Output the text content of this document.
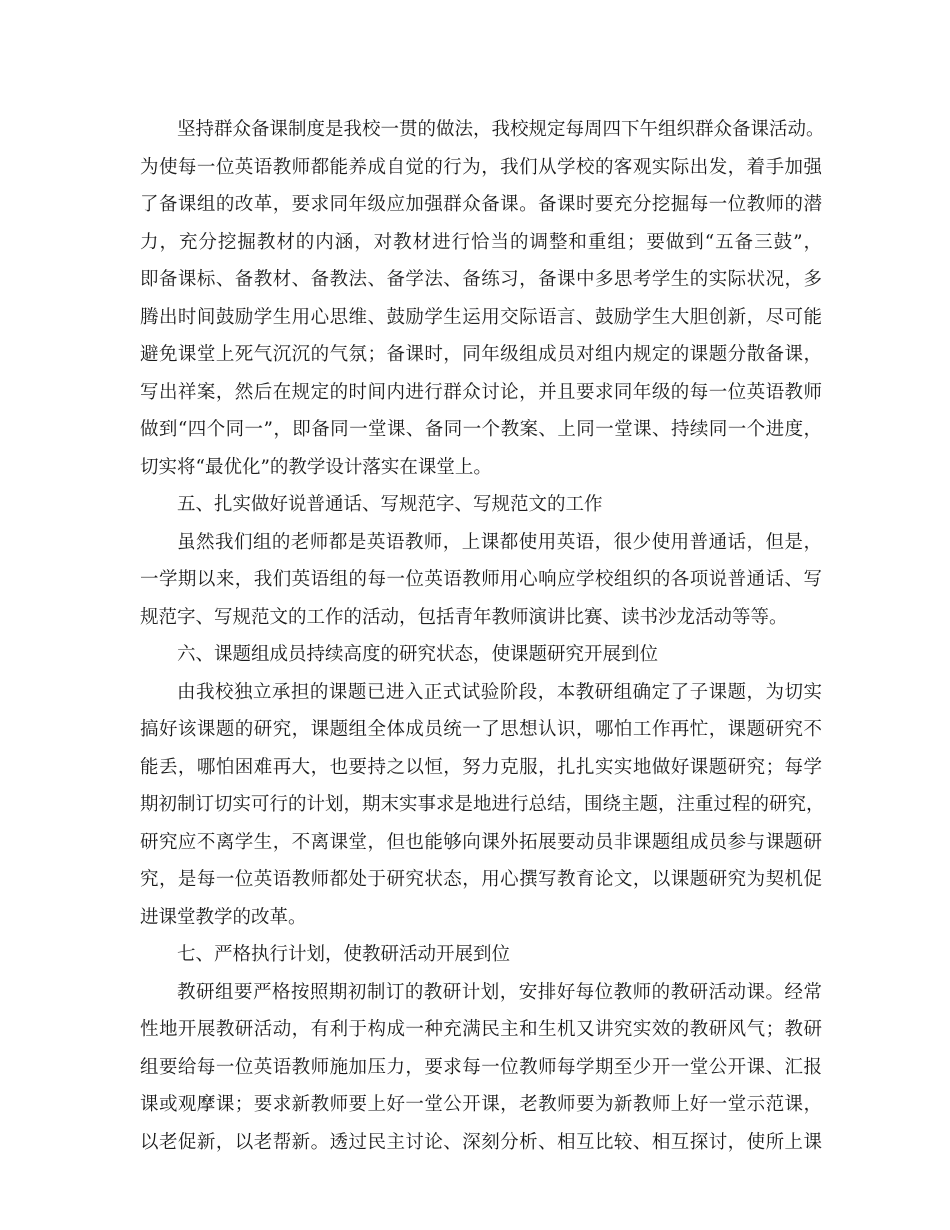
坚持群众备课制度是我校一贯的做法，我校规定每周四下午组织群众备课活动。
为使每一位英语教师都能养成自觉的行为，我们从学校的客观实际出发，着手加强
了备课组的改革，要求同年级应加强群众备课。备课时要充分挖掘每一位教师的潜
力，充分挖掘教材的内涵，对教材进行恰当的调整和重组；要做到“五备三鼓”，
即备课标、备教材、备教法、备学法、备练习，备课中多思考学生的实际状况，多
腾出时间鼓励学生用心思维、鼓励学生运用交际语言、鼓励学生大胆创新，尽可能
避免课堂上死气沉沉的气氛；备课时，同年级组成员对组内规定的课题分散备课，
写出祥案，然后在规定的时间内进行群众讨论，并且要求同年级的每一位英语教师
做到“四个同一”，即备同一堂课、备同一个教案、上同一堂课、持续同一个进度，
切实将“最优化”的教学设计落实在课堂上。
五、扎实做好说普通话、写规范字、写规范文的工作
虽然我们组的老师都是英语教师，上课都使用英语，很少使用普通话，但是，
一学期以来，我们英语组的每一位英语教师用心响应学校组织的各项说普通话、写
规范字、写规范文的工作的活动，包括青年教师演讲比赛、读书沙龙活动等等。
六、课题组成员持续高度的研究状态，使课题研究开展到位
由我校独立承担的课题已进入正式试验阶段，本教研组确定了子课题，为切实
搞好该课题的研究，课题组全体成员统一了思想认识，哪怕工作再忙，课题研究不
能丢，哪怕困难再大，也要持之以恒，努力克服，扎扎实实地做好课题研究；每学
期初制订切实可行的计划，期末实事求是地进行总结，围绕主题，注重过程的研究，
研究应不离学生，不离课堂，但也能够向课外拓展要动员非课题组成员参与课题研
究，是每一位英语教师都处于研究状态，用心撰写教育论文，以课题研究为契机促
进课堂教学的改革。
七、严格执行计划，使教研活动开展到位
教研组要严格按照期初制订的教研计划，安排好每位教师的教研活动课。经常
性地开展教研活动，有利于构成一种充满民主和生机又讲究实效的教研风气；教研
组要给每一位英语教师施加压力，要求每一位教师每学期至少开一堂公开课、汇报
课或观摩课；要求新教师要上好一堂公开课，老教师要为新教师上好一堂示范课，
以老促新，以老帮新。透过民主讨论、深刻分析、相互比较、相互探讨，使所上课
